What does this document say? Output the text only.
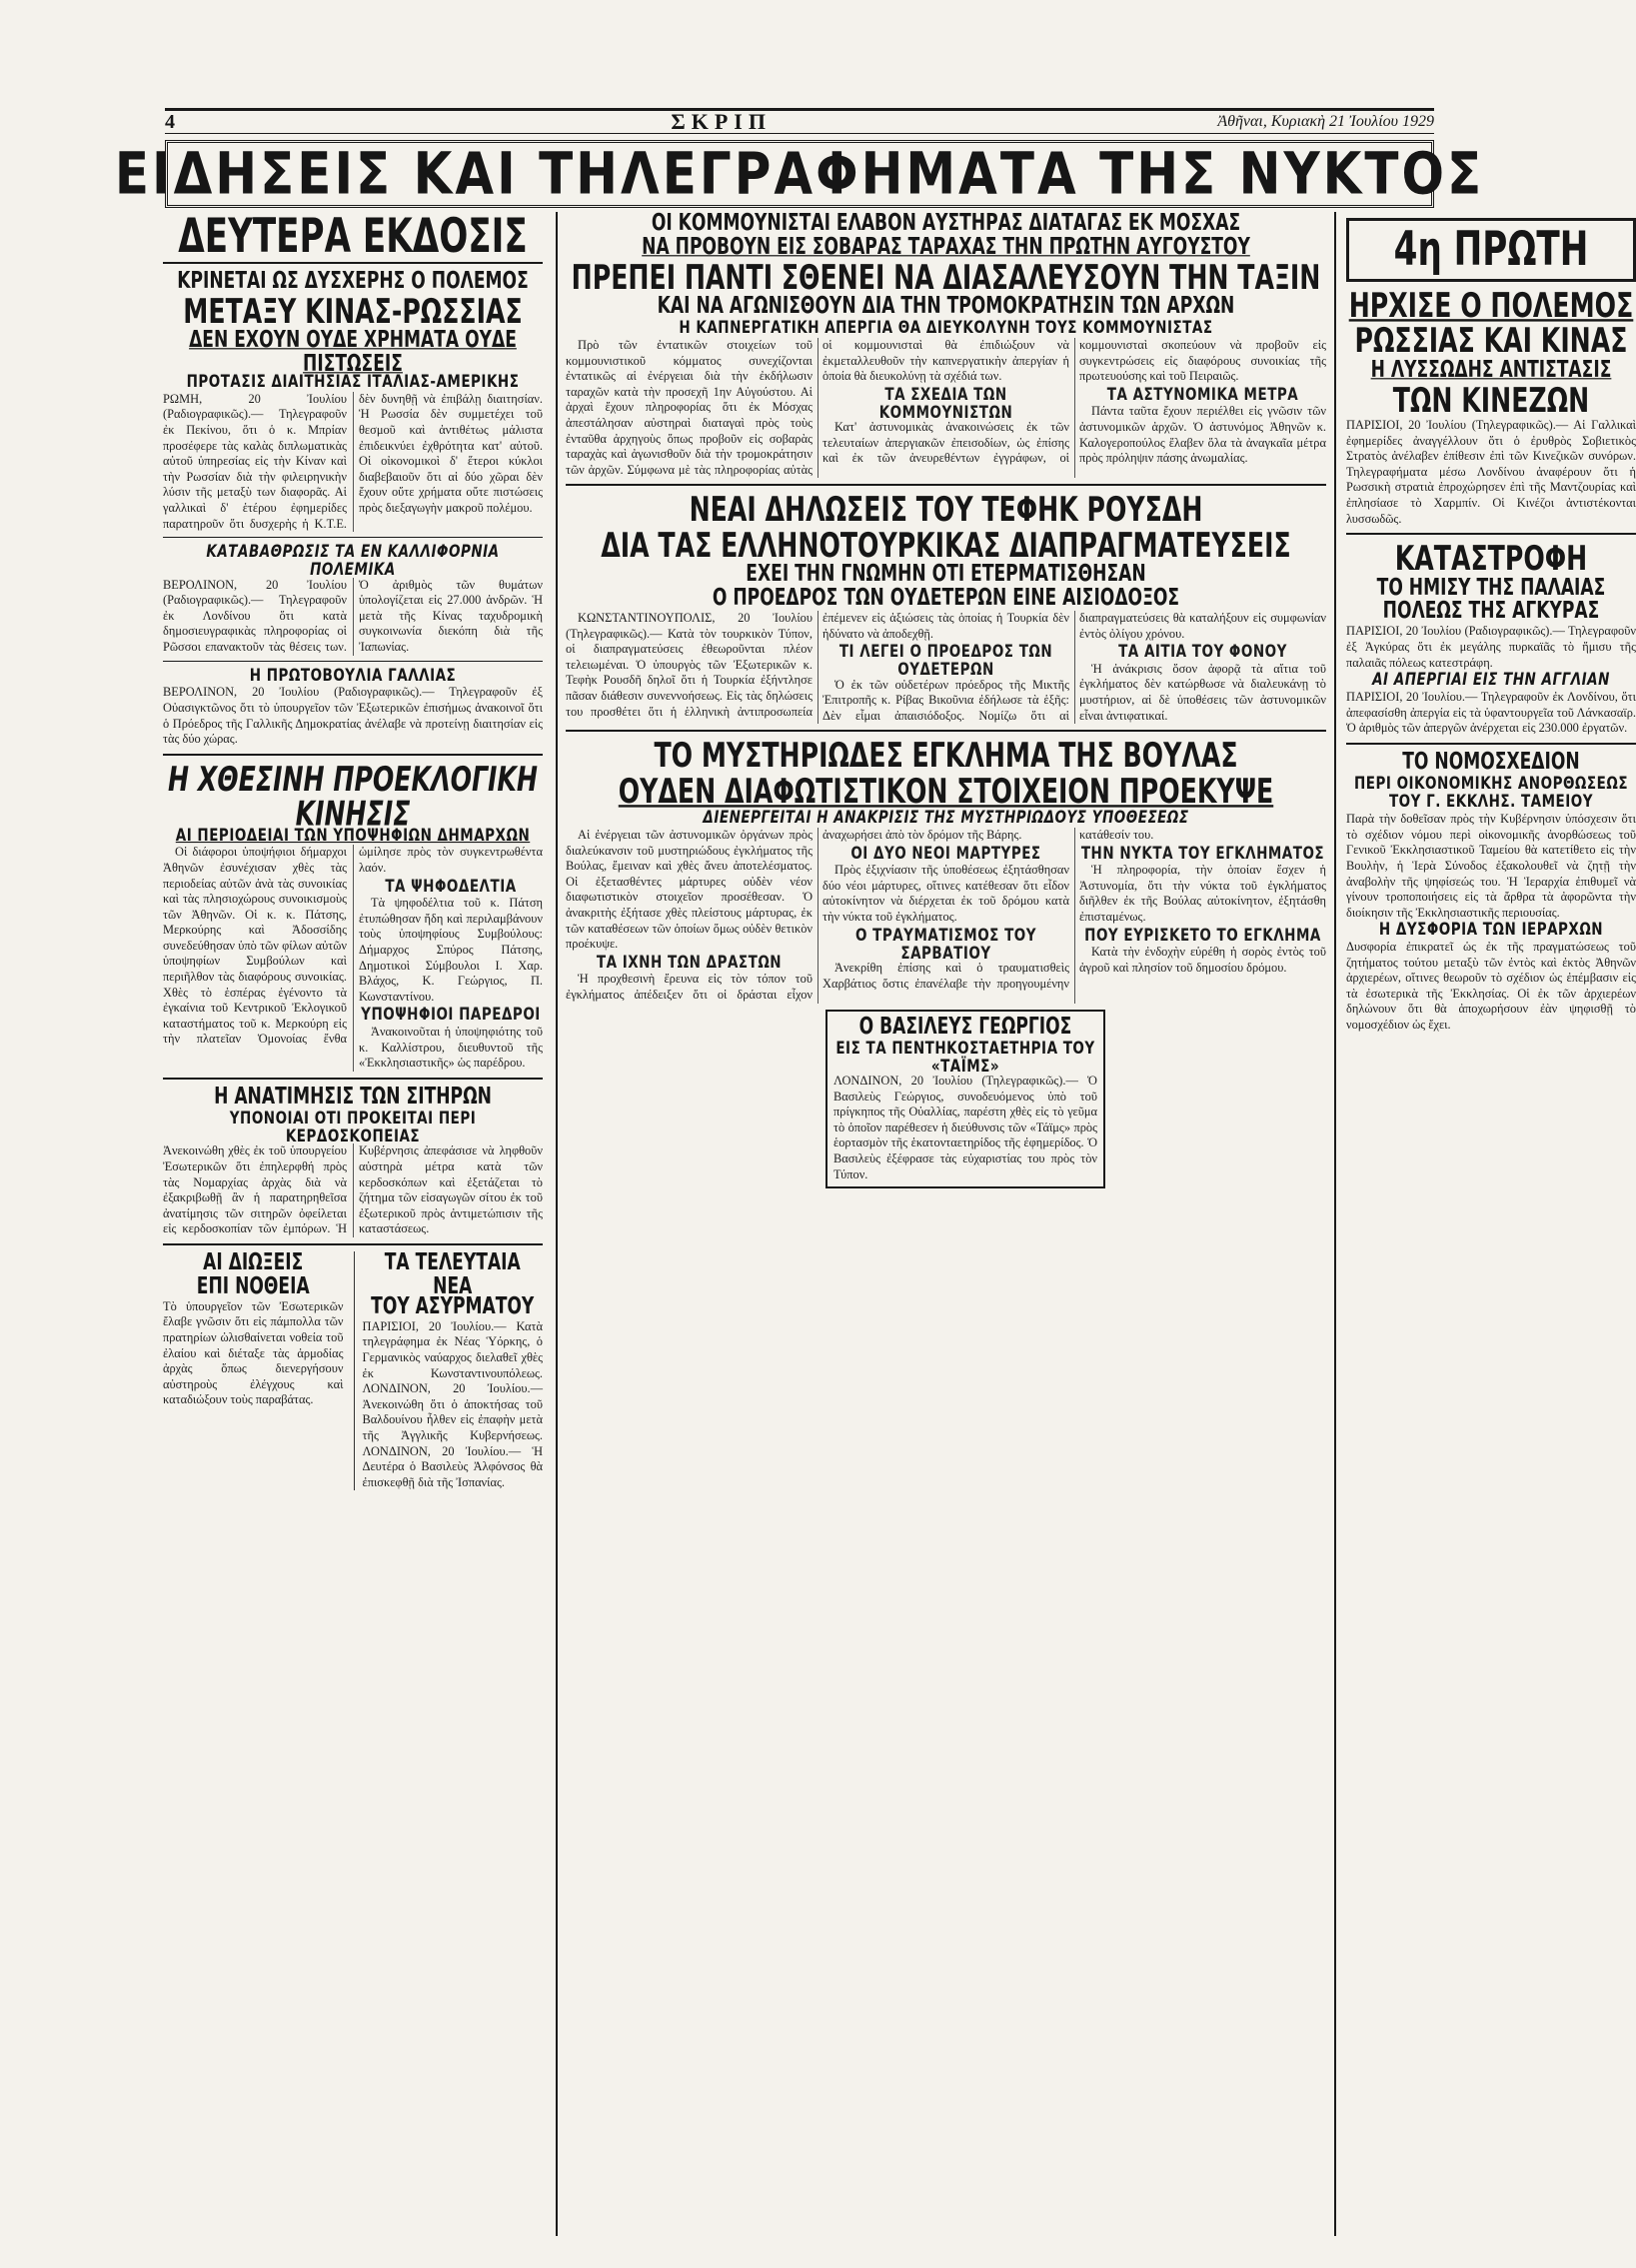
4	ΣΚΡΙΠ	Ἀθῆναι, Κυριακὴ 21 Ἰουλίου 1929
ΕΙΔΗΣΕΙΣ ΚΑΙ ΤΗΛΕΓΡΑΦΗΜΑΤΑ ΤΗΣ ΝΥΚΤΟΣ
ΔΕΥΤΕΡΑ ΕΚΔΟΣΙΣ
ΚΡΙΝΕΤΑΙ ΩΣ ΔΥΣΧΕΡΗΣ Ο ΠΟΛΕΜΟΣ
ΜΕΤΑΞΥ ΚΙΝΑΣ-ΡΩΣΣΙΑΣ
ΔΕΝ ΕΧΟΥΝ ΟΥΔΕ ΧΡΗΜΑΤΑ ΟΥΔΕ ΠΙΣΤΩΣΕΙΣ
ΠΡΟΤΑΣΙΣ ΔΙΑΙΤΗΣΙΑΣ ΙΤΑΛΙΑΣ-ΑΜΕΡΙΚΗΣ
ΡΩΜΗ, 20 Ἰουλίου (Ραδιογραφικῶς).— Τηλεγραφοῦν ἐκ Πεκίνου, ὅτι ὁ κ. Μπρίαν προσέφερε τὰς καλὰς διπλωματικὰς αὐτοῦ ὑπηρεσίας εἰς τὴν Κίναν καὶ τὴν Ρωσσίαν διὰ τὴν φιλειρηνικὴν λύσιν τῆς μεταξὺ των διαφορᾶς. Αἱ γαλλικαὶ δ' ἑτέρου ἐφημερίδες παρατηροῦν ὅτι δυσχερὴς ἡ Κ.Τ.Ε. δὲν δυνηθῇ νὰ ἐπιβάλῃ διαιτησίαν. Ἡ Ρωσσία δὲν συμμετέχει τοῦ θεσμοῦ καὶ ἀντιθέτως μάλιστα ἐπιδεικνύει ἐχθρότητα κατ' αὐτοῦ. Οἱ οἰκονομικοὶ δ' ἕτεροι κύκλοι διαβεβαιοῦν ὅτι αἱ δύο χῶραι δὲν ἔχουν οὔτε χρήματα οὔτε πιστώσεις πρὸς διεξαγωγὴν μακροῦ πολέμου.
ΚΑΤΑΒΑΘΡΩΣΙΣ ΤΑ ΕΝ ΚΑΛΛΙΦΟΡΝΙΑ ΠΟΛΕΜΙΚΑ
ΒΕΡΟΛΙΝΟΝ, 20 Ἰουλίου (Ραδιογραφικῶς).— Τηλεγραφοῦν ἐκ Λονδίνου ὅτι κατὰ δημοσιευγραφικὰς πληροφορίας οἱ Ρῶσσοι επανακτοῦν τὰς θέσεις των. Ὁ ἀριθμὸς τῶν θυμάτων ὑπολογίζεται εἰς 27.000 ἀνδρῶν. Ἡ μετὰ τῆς Κίνας ταχυδρομικὴ συγκοινωνία διεκόπη διὰ τῆς Ἰαπωνίας.
Η ΠΡΩΤΟΒΟΥΛΙΑ ΓΑΛΛΙΑΣ
ΒΕΡΟΛΙΝΟΝ, 20 Ἰουλίου (Ραδιογραφικῶς).— Τηλεγραφοῦν ἐξ Οὐασιγκτῶνος ὅτι τὸ ὑπουργεῖον τῶν Ἐξωτερικῶν ἐπισήμως ἀνακοινοῖ ὅτι ὁ Πρόεδρος τῆς Γαλλικῆς Δημοκρατίας ἀνέλαβε νὰ προτείνῃ διαιτησίαν εἰς τὰς δύο χώρας.
Η ΧΘΕΣΙΝΗ ΠΡΟΕΚΛΟΓΙΚΗ ΚΙΝΗΣΙΣ
ΑΙ ΠΕΡΙΟΔΕΙΑΙ ΤΩΝ ΥΠΟΨΗΦΙΩΝ ΔΗΜΑΡΧΩΝ

Οἱ διάφοροι ὑποψήφιοι δήμαρχοι Ἀθηνῶν ἐσυνέχισαν χθὲς τὰς περιοδείας αὐτῶν ἀνὰ τὰς συνοικίας καὶ τὰς πλησιοχώρους συνοικισμοὺς τῶν Ἀθηνῶν. Οἱ κ. κ. Πάτσης, Μερκούρης καὶ Ἀδοσσίδης συνεδεύθησαν ὑπὸ τῶν φίλων αὐτῶν ὑποψηφίων Συμβούλων καὶ περιῆλθον τὰς διαφόρους συνοικίας. Χθὲς τὸ ἑσπέρας ἐγένοντο τὰ ἐγκαίνια τοῦ Κεντρικοῦ Ἐκλογικοῦ καταστήματος τοῦ κ. Μερκούρη εἰς τὴν πλατεῖαν Ὁμονοίας ἔνθα ὡμίλησε πρὸς τὸν συγκεντρωθέντα λαόν.

ΤΑ ΨΗΦΟΔΕΛΤΙΑ

Τὰ ψηφοδέλτια τοῦ κ. Πάτση ἐτυπώθησαν ἤδη καὶ περιλαμβάνουν τοὺς ὑποψηφίους Συμβούλους: Δήμαρχος Σπύρος Πάτσης, Δημοτικοὶ Σύμβουλοι Ι. Χαρ. Βλάχος, Κ. Γεώργιος, Π. Κωνσταντίνου.

ΥΠΟΨΗΦΙΟΙ ΠΑΡΕΔΡΟΙ

Ἀνακοινοῦται ἡ ὑποψηφιότης τοῦ κ. Καλλίστρου, διευθυντοῦ τῆς «Ἐκκλησιαστικῆς» ὡς παρέδρου.

Η ΑΝΑΤΙΜΗΣΙΣ ΤΩΝ ΣΙΤΗΡΩΝ
ΥΠΟΝΟΙΑΙ ΟΤΙ ΠΡΟΚΕΙΤΑΙ ΠΕΡΙ ΚΕΡΔΟΣΚΟΠΕΙΑΣ
Ἀνεκοινώθη χθὲς ἐκ τοῦ ὑπουργείου Ἐσωτερικῶν ὅτι ἐπηλερφθή πρὸς τὰς Νομαρχίας ἀρχὰς διὰ νὰ ἐξακριβωθῇ ἂν ἡ παρατηρηθεῖσα ἀνατίμησις τῶν σιτηρῶν ὀφείλεται εἰς κερδοσκοπίαν τῶν ἐμπόρων. Ἡ Κυβέρνησις ἀπεφάσισε νὰ ληφθοῦν αὐστηρὰ μέτρα κατὰ τῶν κερδοσκόπων καὶ ἐξετάζεται τὸ ζήτημα τῶν εἰσαγωγῶν σίτου ἐκ τοῦ ἐξωτερικοῦ πρὸς ἀντιμετώπισιν τῆς καταστάσεως.
ΑΙ ΔΙΩΞΕΙΣ
ΕΠΙ ΝΟΘΕΙΑ
Τὸ ὑπουργεῖον τῶν Ἐσωτερικῶν ἔλαβε γνῶσιν ὅτι εἰς πάμπολλα τῶν πρατηρίων ὠλισθαίνεται νοθεία τοῦ ἐλαίου καὶ διέταξε τὰς ἀρμοδίας ἀρχὰς ὅπως διενεργήσουν αὐστηροὺς ἐλέγχους καὶ καταδιώξουν τοὺς παραβάτας.
ΤΑ ΤΕΛΕΥΤΑΙΑ ΝΕΑ
ΤΟΥ ΑΣΥΡΜΑΤΟΥ
ΠΑΡΙΣΙΟΙ, 20 Ἰουλίου.— Κατὰ τηλεγράφημα ἐκ Νέας Ὑόρκης, ὁ Γερμανικὸς ναύαρχος διελαθεῖ χθὲς ἐκ Κωνσταντινουπόλεως. ΛΟΝΔΙΝΟΝ, 20 Ἰουλίου.— Ἀνεκοινώθη ὅτι ὁ ἀποκτήσας τοῦ Βαλδουίνου ἦλθεν εἰς ἐπαφὴν μετὰ τῆς Ἀγγλικῆς Κυβερνήσεως. ΛΟΝΔΙΝΟΝ, 20 Ἰουλίου.— Ἡ Δευτέρα ὁ Βασιλεὺς Ἀλφόνσος θὰ ἐπισκεφθῇ διὰ τῆς Ἰσπανίας.
ΟΙ ΚΟΜΜΟΥΝΙΣΤΑΙ ΕΛΑΒΟΝ ΑΥΣΤΗΡΑΣ ΔΙΑΤΑΓΑΣ ΕΚ ΜΟΣΧΑΣ
ΝΑ ΠΡΟΒΟΥΝ ΕΙΣ ΣΟΒΑΡΑΣ ΤΑΡΑΧΑΣ ΤΗΝ ΠΡΩΤΗΝ ΑΥΓΟΥΣΤΟΥ
ΠΡΕΠΕΙ ΠΑΝΤΙ ΣΘΕΝΕΙ ΝΑ ΔΙΑΣΑΛΕΥΣΟΥΝ ΤΗΝ ΤΑΞΙΝ
ΚΑΙ ΝΑ ΑΓΩΝΙΣΘΟΥΝ ΔΙΑ ΤΗΝ ΤΡΟΜΟΚΡΑΤΗΣΙΝ ΤΩΝ ΑΡΧΩΝ
Η ΚΑΠΝΕΡΓΑΤΙΚΗ ΑΠΕΡΓΙΑ ΘΑ ΔΙΕΥΚΟΛΥΝΗ ΤΟΥΣ ΚΟΜΜΟΥΝΙΣΤΑΣ

Πρὸ τῶν ἐντατικῶν στοιχείων τοῦ κομμουνιστικοῦ κόμματος συνεχίζονται ἐντατικῶς αἱ ἐνέργειαι διὰ τὴν ἐκδήλωσιν ταραχῶν κατὰ τὴν προσεχῆ 1ην Αὐγούστου. Αἱ ἀρχαὶ ἔχουν πληροφορίας ὅτι ἐκ Μόσχας ἀπεστάλησαν αὐστηραὶ διαταγαὶ πρὸς τοὺς ἐνταῦθα ἀρχηγοὺς ὅπως προβοῦν εἰς σοβαρὰς ταραχὰς καὶ ἀγωνισθοῦν διὰ τὴν τρομοκράτησιν τῶν ἀρχῶν. Σύμφωνα μὲ τὰς πληροφορίας αὐτὰς οἱ κομμουνισταὶ θὰ ἐπιδιώξουν νὰ ἐκμεταλλευθοῦν τὴν καπνεργατικὴν ἀπεργίαν ἡ ὁποία θὰ διευκολύνῃ τὰ σχέδιά των.

ΤΑ ΣΧΕΔΙΑ ΤΩΝ ΚΟΜΜΟΥΝΙΣΤΩΝ

Κατ' ἀστυνομικὰς ἀνακοινώσεις ἐκ τῶν τελευταίων ἀπεργιακῶν ἐπεισοδίων, ὡς ἐπίσης καὶ ἐκ τῶν ἀνευρεθέντων ἐγγράφων, οἱ κομμουνισταὶ σκοπεύουν νὰ προβοῦν εἰς συγκεντρώσεις εἰς διαφόρους συνοικίας τῆς πρωτευούσης καὶ τοῦ Πειραιῶς.

ΤΑ ΑΣΤΥΝΟΜΙΚΑ ΜΕΤΡΑ

Πάντα ταῦτα ἔχουν περιέλθει εἰς γνῶσιν τῶν ἀστυνομικῶν ἀρχῶν. Ὁ ἀστυνόμος Ἀθηνῶν κ. Καλογεροπούλος ἔλαβεν ὅλα τὰ ἀναγκαῖα μέτρα πρὸς πρόληψιν πάσης ἀνωμαλίας.

ΝΕΑΙ ΔΗΛΩΣΕΙΣ ΤΟΥ ΤΕΦΗΚ ΡΟΥΣΔΗ
ΔΙΑ ΤΑΣ ΕΛΛΗΝΟΤΟΥΡΚΙΚΑΣ ΔΙΑΠΡΑΓΜΑΤΕΥΣΕΙΣ
ΕΧΕΙ ΤΗΝ ΓΝΩΜΗΝ ΟΤΙ ΕΤΕΡΜΑΤΙΣΘΗΣΑΝ
Ο ΠΡΟΕΔΡΟΣ ΤΩΝ ΟΥΔΕΤΕΡΩΝ ΕΙΝΕ ΑΙΣΙΟΔΟΞΟΣ

ΚΩΝΣΤΑΝΤΙΝΟΥΠΟΛΙΣ, 20 Ἰουλίου (Τηλεγραφικῶς).— Κατὰ τὸν τουρκικὸν Τύπον, οἱ διαπραγματεύσεις ἐθεωροῦνται πλέον τελειωμέναι. Ὁ ὑπουργὸς τῶν Ἐξωτερικῶν κ. Τεφὴκ Ρουσδῆ δηλοῖ ὅτι ἡ Τουρκία ἐξήντλησε πᾶσαν διάθεσιν συνεννοήσεως. Εἰς τὰς δηλώσεις του προσθέτει ὅτι ἡ ἑλληνικὴ ἀντιπροσωπεία ἐπέμενεν εἰς ἀξιώσεις τὰς ὁποίας ἡ Τουρκία δὲν ἠδύνατο νὰ ἀποδεχθῇ.

ΤΙ ΛΕΓΕΙ Ο ΠΡΟΕΔΡΟΣ ΤΩΝ ΟΥΔΕΤΕΡΩΝ

Ὁ ἐκ τῶν οὐδετέρων πρόεδρος τῆς Μικτῆς Ἐπιτροπῆς κ. Ρίβας Βικοῦνια ἐδήλωσε τὰ ἑξῆς: Δὲν εἶμαι ἀπαισιόδοξος. Νομίζω ὅτι αἱ διαπραγματεύσεις θὰ καταλήξουν εἰς συμφωνίαν ἐντὸς ὀλίγου χρόνου.

ΤΑ ΑΙΤΙΑ ΤΟΥ ΦΟΝΟΥ

Ἡ ἀνάκρισις ὅσον ἀφορᾷ τὰ αἴτια τοῦ ἐγκλήματος δὲν κατώρθωσε νὰ διαλευκάνῃ τὸ μυστήριον, αἱ δὲ ὑποθέσεις τῶν ἀστυνομικῶν εἶναι ἀντιφατικαί.

ΤΟ ΜΥΣΤΗΡΙΩΔΕΣ ΕΓΚΛΗΜΑ ΤΗΣ ΒΟΥΛΑΣ
ΟΥΔΕΝ ΔΙΑΦΩΤΙΣΤΙΚΟΝ ΣΤΟΙΧΕΙΟΝ ΠΡΟΕΚΥΨΕ
ΔΙΕΝΕΡΓΕΙΤΑΙ Η ΑΝΑΚΡΙΣΙΣ ΤΗΣ ΜΥΣΤΗΡΙΩΔΟΥΣ ΥΠΟΘΕΣΕΩΣ

Αἱ ἐνέργειαι τῶν ἀστυνομικῶν ὀργάνων πρὸς διαλεύκανσιν τοῦ μυστηριώδους ἐγκλήματος τῆς Βούλας, ἔμειναν καὶ χθὲς ἄνευ ἀποτελέσματος. Οἱ ἐξετασθέντες μάρτυρες οὐδὲν νέον διαφωτιστικὸν στοιχεῖον προσέθεσαν. Ὁ ἀνακριτὴς ἐξήτασε χθὲς πλείστους μάρτυρας, ἐκ τῶν καταθέσεων τῶν ὁποίων ὅμως οὐδὲν θετικὸν προέκυψε.

ΤΑ ΙΧΝΗ ΤΩΝ ΔΡΑΣΤΩΝ

Ἡ προχθεσινὴ ἔρευνα εἰς τὸν τόπον τοῦ ἐγκλήματος ἀπέδειξεν ὅτι οἱ δράσται εἶχον ἀναχωρήσει ἀπὸ τὸν δρόμον τῆς Βάρης.

ΟΙ ΔΥΟ ΝΕΟΙ ΜΑΡΤΥΡΕΣ

Πρὸς ἐξιχνίασιν τῆς ὑποθέσεως ἐξητάσθησαν δύο νέοι μάρτυρες, οἵτινες κατέθεσαν ὅτι εἶδον αὐτοκίνητον νὰ διέρχεται ἐκ τοῦ δρόμου κατὰ τὴν νύκτα τοῦ ἐγκλήματος.

Ο ΤΡΑΥΜΑΤΙΣΜΟΣ ΤΟΥ ΣΑΡΒΑΤΙΟΥ

Ἀνεκρίθη ἐπίσης καὶ ὁ τραυματισθεὶς Χαρβάτιος ὅστις ἐπανέλαβε τὴν προηγουμένην κατάθεσίν του.

ΤΗΝ ΝΥΚΤΑ ΤΟΥ ΕΓΚΛΗΜΑΤΟΣ

Ἡ πληροφορία, τὴν ὁποίαν ἔσχεν ἡ Ἀστυνομία, ὅτι τὴν νύκτα τοῦ ἐγκλήματος διῆλθεν ἐκ τῆς Βούλας αὐτοκίνητον, ἐξητάσθη ἐπισταμένως.

ΠΟΥ ΕΥΡΙΣΚΕΤΟ ΤΟ ΕΓΚΛΗΜΑ

Κατὰ τὴν ἐνδοχὴν εὑρέθη ἡ σορὸς ἐντὸς τοῦ ἀγροῦ καὶ πλησίον τοῦ δημοσίου δρόμου.

Ο ΒΑΣΙΛΕΥΣ ΓΕΩΡΓΙΟΣ
ΕΙΣ ΤΑ ΠΕΝΤΗΚΟΣΤΑΕΤΗΡΙΑ ΤΟΥ «ΤΑΪΜΣ»
ΛΟΝΔΙΝΟΝ, 20 Ἰουλίου (Τηλεγραφικῶς).— Ὁ Βασιλεὺς Γεώργιος, συνοδευόμενος ὑπὸ τοῦ πρίγκηπος τῆς Οὐαλλίας, παρέστη χθὲς εἰς τὸ γεῦμα τὸ ὁποῖον παρέθεσεν ἡ διεύθυνσις τῶν «Τάϊμς» πρὸς ἑορτασμὸν τῆς ἑκατονταετηρίδος τῆς ἐφημερίδος. Ὁ Βασιλεὺς ἐξέφρασε τὰς εὐχαριστίας του πρὸς τὸν Τύπον.
4η ΠΡΩΤΗ
ΗΡΧΙΣΕ Ο ΠΟΛΕΜΟΣ
ΡΩΣΣΙΑΣ ΚΑΙ ΚΙΝΑΣ
Η ΛΥΣΣΩΔΗΣ ΑΝΤΙΣΤΑΣΙΣ
ΤΩΝ ΚΙΝΕΖΩΝ
ΠΑΡΙΣΙΟΙ, 20 Ἰουλίου (Τηλεγραφικῶς).— Αἱ Γαλλικαὶ ἐφημερίδες ἀναγγέλλουν ὅτι ὁ ἐρυθρὸς Σοβιετικὸς Στρατὸς ἀνέλαβεν ἐπίθεσιν ἐπὶ τῶν Κινεζικῶν συνόρων. Τηλεγραφήματα μέσω Λονδίνου ἀναφέρουν ὅτι ἡ Ρωσσικὴ στρατιὰ ἐπροχώρησεν ἐπὶ τῆς Μαντζουρίας καὶ ἐπλησίασε τὸ Χαρμπίν. Οἱ Κινέζοι ἀντιστέκονται λυσσωδῶς.
ΚΑΤΑΣΤΡΟΦΗ
ΤΟ ΗΜΙΣΥ ΤΗΣ ΠΑΛΑΙΑΣ
ΠΟΛΕΩΣ ΤΗΣ ΑΓΚΥΡΑΣ
ΠΑΡΙΣΙΟΙ, 20 Ἰουλίου (Ραδιογραφικῶς).— Τηλεγραφοῦν ἐξ Ἀγκύρας ὅτι ἐκ μεγάλης πυρκαϊᾶς τὸ ἥμισυ τῆς παλαιᾶς πόλεως κατεστράφη.
ΑΙ ΑΠΕΡΓΙΑΙ ΕΙΣ ΤΗΝ ΑΓΓΛΙΑΝ
ΠΑΡΙΣΙΟΙ, 20 Ἰουλίου.— Τηλεγραφοῦν ἐκ Λονδίνου, ὅτι ἀπεφασίσθη ἀπεργία εἰς τὰ ὑφαντουργεῖα τοῦ Λάνκασαϊρ. Ὁ ἀριθμὸς τῶν ἀπεργῶν ἀνέρχεται εἰς 230.000 ἐργατῶν.
ΤΟ ΝΟΜΟΣΧΕΔΙΟΝ
ΠΕΡΙ ΟΙΚΟΝΟΜΙΚΗΣ ΑΝΟΡΘΩΣΕΩΣ
ΤΟΥ Γ. ΕΚΚΛΗΣ. ΤΑΜΕΙΟΥ
Παρὰ τὴν δοθεῖσαν πρὸς τὴν Κυβέρνησιν ὑπόσχεσιν ὅτι τὸ σχέδιον νόμου περὶ οἰκονομικῆς ἀνορθώσεως τοῦ Γενικοῦ Ἐκκλησιαστικοῦ Ταμείου θὰ κατετίθετο εἰς τὴν Βουλὴν, ἡ Ἱερὰ Σύνοδος ἐξακολουθεῖ νὰ ζητῇ τὴν ἀναβολὴν τῆς ψηφίσεώς του. Ἡ Ἱεραρχία ἐπιθυμεῖ νὰ γίνουν τροποποιήσεις εἰς τὰ ἄρθρα τὰ ἀφορῶντα τὴν διοίκησιν τῆς Ἐκκλησιαστικῆς περιουσίας.
Η ΔΥΣΦΟΡΙΑ ΤΩΝ ΙΕΡΑΡΧΩΝ
Δυσφορία ἐπικρατεῖ ὡς ἐκ τῆς πραγματώσεως τοῦ ζητήματος τούτου μεταξὺ τῶν ἐντὸς καὶ ἐκτὸς Ἀθηνῶν ἀρχιερέων, οἵτινες θεωροῦν τὸ σχέδιον ὡς ἐπέμβασιν εἰς τὰ ἐσωτερικὰ τῆς Ἐκκλησίας. Οἱ ἐκ τῶν ἀρχιερέων δηλώνουν ὅτι θὰ ἀποχωρήσουν ἐὰν ψηφισθῇ τὸ νομοσχέδιον ὡς ἔχει.
